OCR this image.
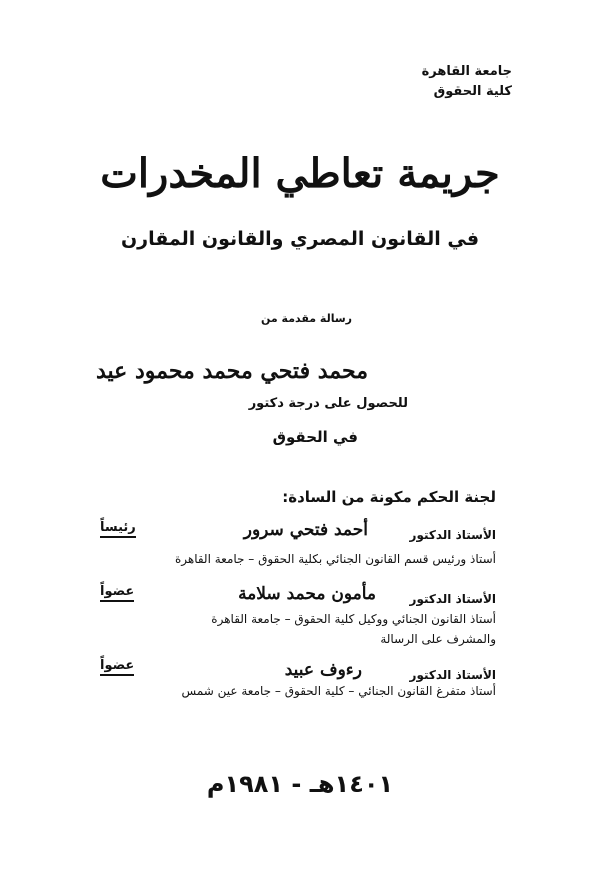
جامعة القاهرة
كلية الحقوق
جريمة تعاطي المخدرات
في القانون المصري والقانون المقارن
رسالة مقدمة من
محمد فتحي محمد محمود عيد
للحصول على درجة دكتور
في الحقوق
لجنة الحكم مكونة من السادة:
الأستاذ الدكتور
أحمد فتحي سرور
رئيساً
أستاذ ورئيس قسم القانون الجنائي بكلية الحقوق – جامعة القاهرة
الأستاذ الدكتور
مأمون محمد سلامة
عضواً
أستاذ القانون الجنائي ووكيل كلية الحقوق – جامعة القاهرة
والمشرف على الرسالة
الأستاذ الدكتور
رءوف عبيد
عضواً
أستاذ متفرغ القانون الجنائي – كلية الحقوق – جامعة عين شمس
١٤٠١هـ - ١٩٨١م
